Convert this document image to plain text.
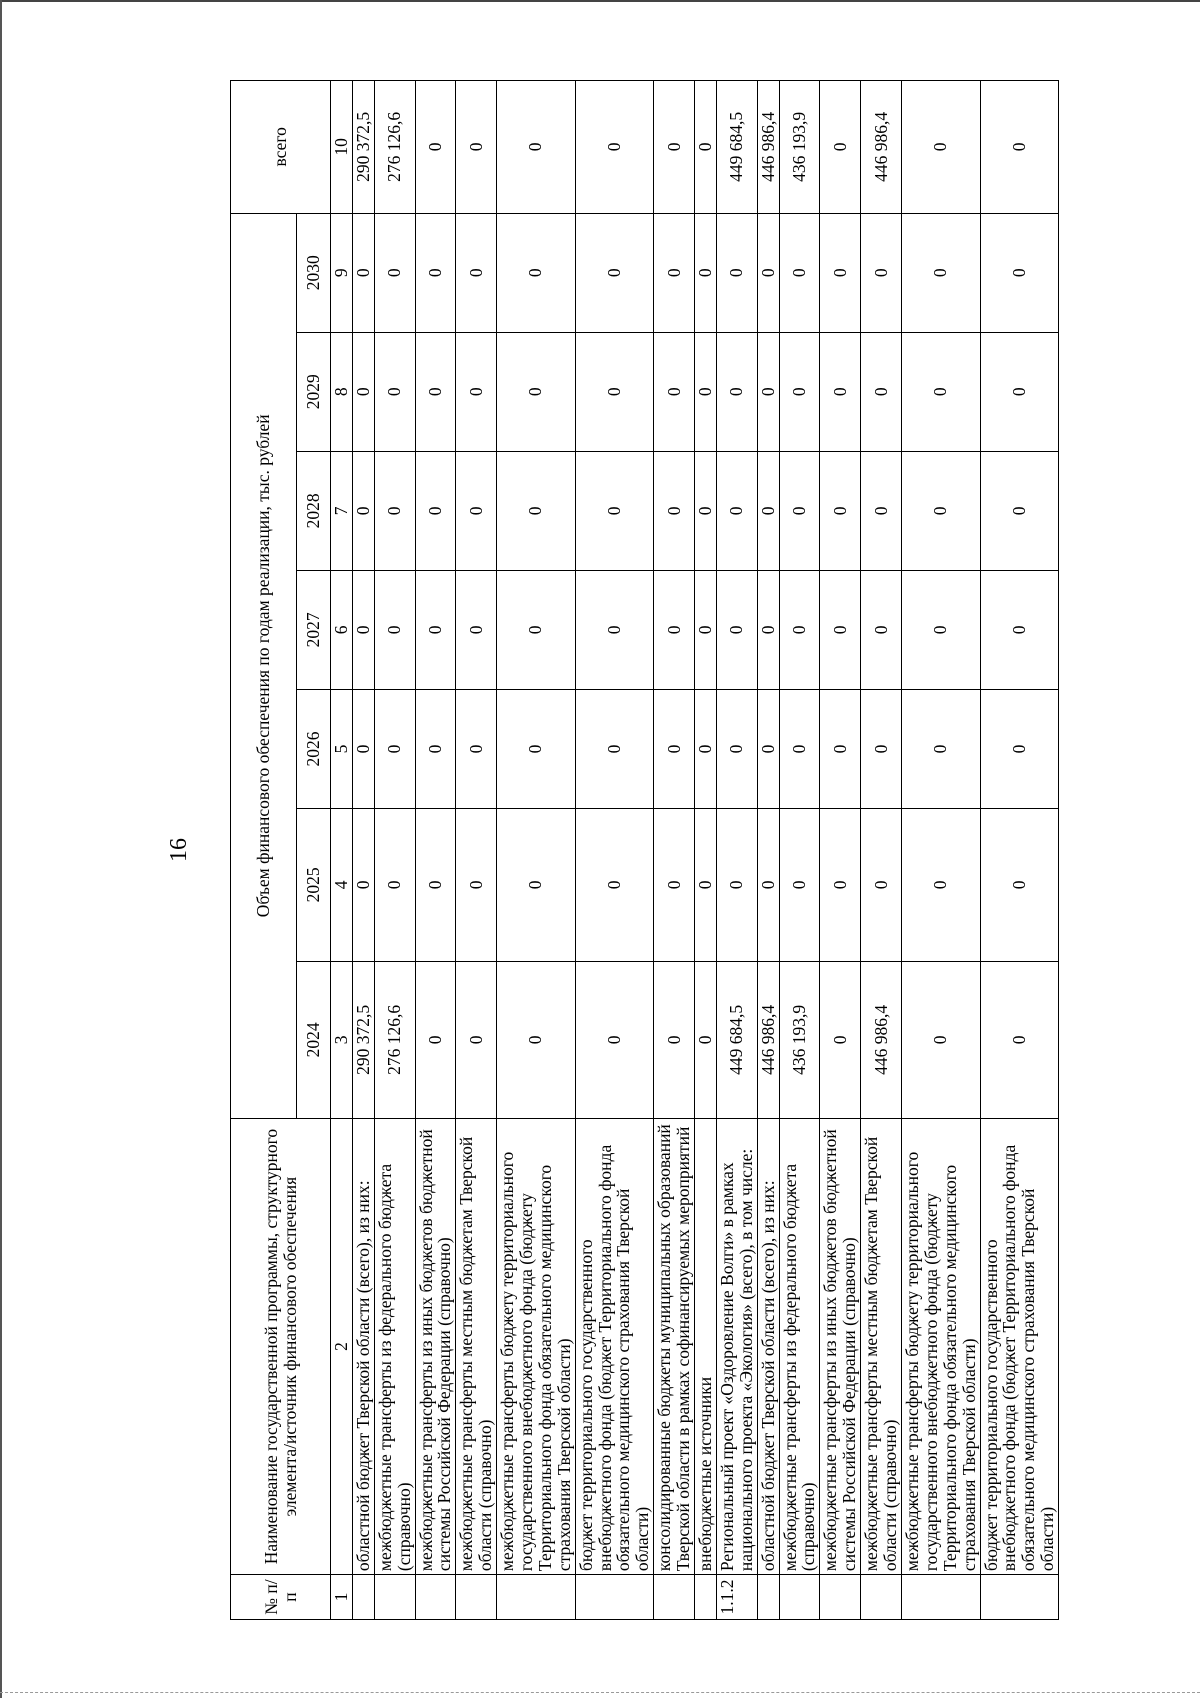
16
№ п/п	Наименование государственной программы, структурного элемента/источник финансового обеспечения	Объем финансового обеспечения по годам реализации, тыс. рублей							всего
		2024	2025	2026	2027	2028	2029	2030	
1	2	3	4	5	6	7	8	9	10
	областной бюджет Тверской области (всего), из них:	290 372,5	0	0	0	0	0	0	290 372,5
	межбюджетные трансферты из федерального бюджета (справочно)	276 126,6	0	0	0	0	0	0	276 126,6
	межбюджетные трансферты из иных бюджетов бюджетной системы Российской Федерации (справочно)	0	0	0	0	0	0	0	0
	межбюджетные трансферты местным бюджетам Тверской области (справочно)	0	0	0	0	0	0	0	0
	межбюджетные трансферты бюджету территориального государственного внебюджетного фонда (бюджету Территориального фонда обязательного медицинского страхования Тверской области)	0	0	0	0	0	0	0	0
	бюджет территориального государственного внебюджетного фонда (бюджет Территориального фонда обязательного медицинского страхования Тверской области)	0	0	0	0	0	0	0	0
	консолидированные бюджеты муниципальных образований Тверской области в рамках софинансируемых мероприятий	0	0	0	0	0	0	0	0
	внебюджетные источники	0	0	0	0	0	0	0	0
1.1.2	Региональный проект «Оздоровление Волги» в рамках национального проекта «Экология» (всего), в том числе:	449 684,5	0	0	0	0	0	0	449 684,5
	областной бюджет Тверской области (всего), из них:	446 986,4	0	0	0	0	0	0	446 986,4
	межбюджетные трансферты из федерального бюджета (справочно)	436 193,9	0	0	0	0	0	0	436 193,9
	межбюджетные трансферты из иных бюджетов бюджетной системы Российской Федерации (справочно)	0	0	0	0	0	0	0	0
	межбюджетные трансферты местным бюджетам Тверской области (справочно)	446 986,4	0	0	0	0	0	0	446 986,4
	межбюджетные трансферты бюджету территориального государственного внебюджетного фонда (бюджету Территориального фонда обязательного медицинского страхования Тверской области)	0	0	0	0	0	0	0	0
	бюджет территориального государственного внебюджетного фонда (бюджет Территориального фонда обязательного медицинского страхования Тверской области)	0	0	0	0	0	0	0	0
